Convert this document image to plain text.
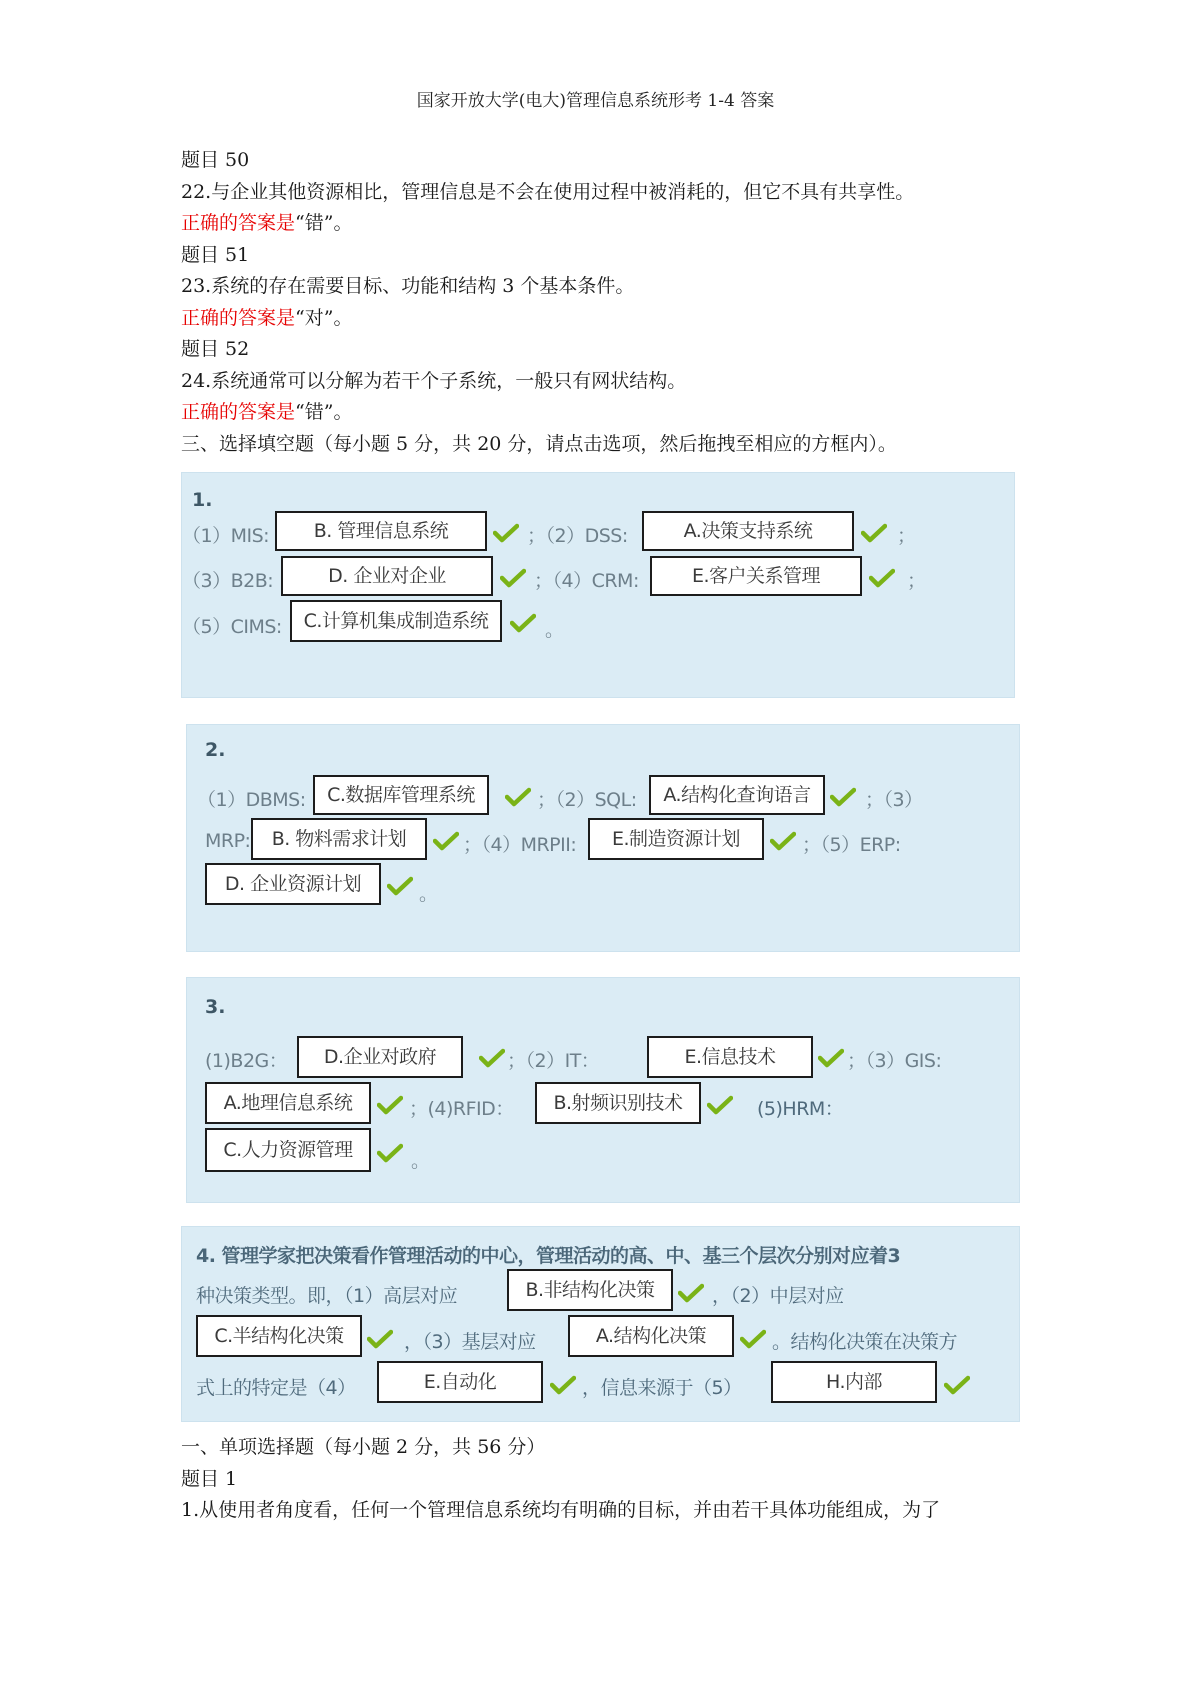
国家开放大学(电大)管理信息系统形考 1-4 答案
题目 50
22.与企业其他资源相比，管理信息是不会在使用过程中被消耗的，但它不具有共享性。
正确的答案是“错”。
题目 51
23.系统的存在需要目标、功能和结构 3 个基本条件。
正确的答案是“对”。
题目 52
24.系统通常可以分解为若干个子系统，一般只有网状结构。
正确的答案是“错”。
三、选择填空题（每小题 5 分，共 20 分，请点击选项，然后拖拽至相应的方框内）。
1.
（1）MIS:	B. 管理信息系统	；（2）DSS:	A.决策支持系统	；
（3）B2B:	D. 企业对企业	；（4）CRM:	E.客户关系管理	；
（5）CIMS:	C.计算机集成制造系统	。
2.
（1）DBMS:	C.数据库管理系统	；（2）SQL:	A.结构化查询语言	；（3）
MRP:	B. 物料需求计划	；（4）MRPII:	E.制造资源计划	；（5）ERP:
D. 企业资源计划	。
3.
(1)B2G：	D.企业对政府	；（2）IT：	E.信息技术	；（3）GIS:
A.地理信息系统	；(4)RFID：	B.射频识别技术	(5)HRM：
C.人力资源管理	。
4. 管理学家把决策看作管理活动的中心，管理活动的高、中、基三个层次分别对应着3
种决策类型。即，（1）高层对应	B.非结构化决策	，（2）中层对应
C.半结构化决策	，（3）基层对应	A.结构化决策	。结构化决策在决策方
式上的特定是（4）	E.自动化	，信息来源于（5）	H.内部
一、单项选择题（每小题 2 分，共 56 分）
题目 1
1.从使用者角度看，任何一个管理信息系统均有明确的目标，并由若干具体功能组成，为了
